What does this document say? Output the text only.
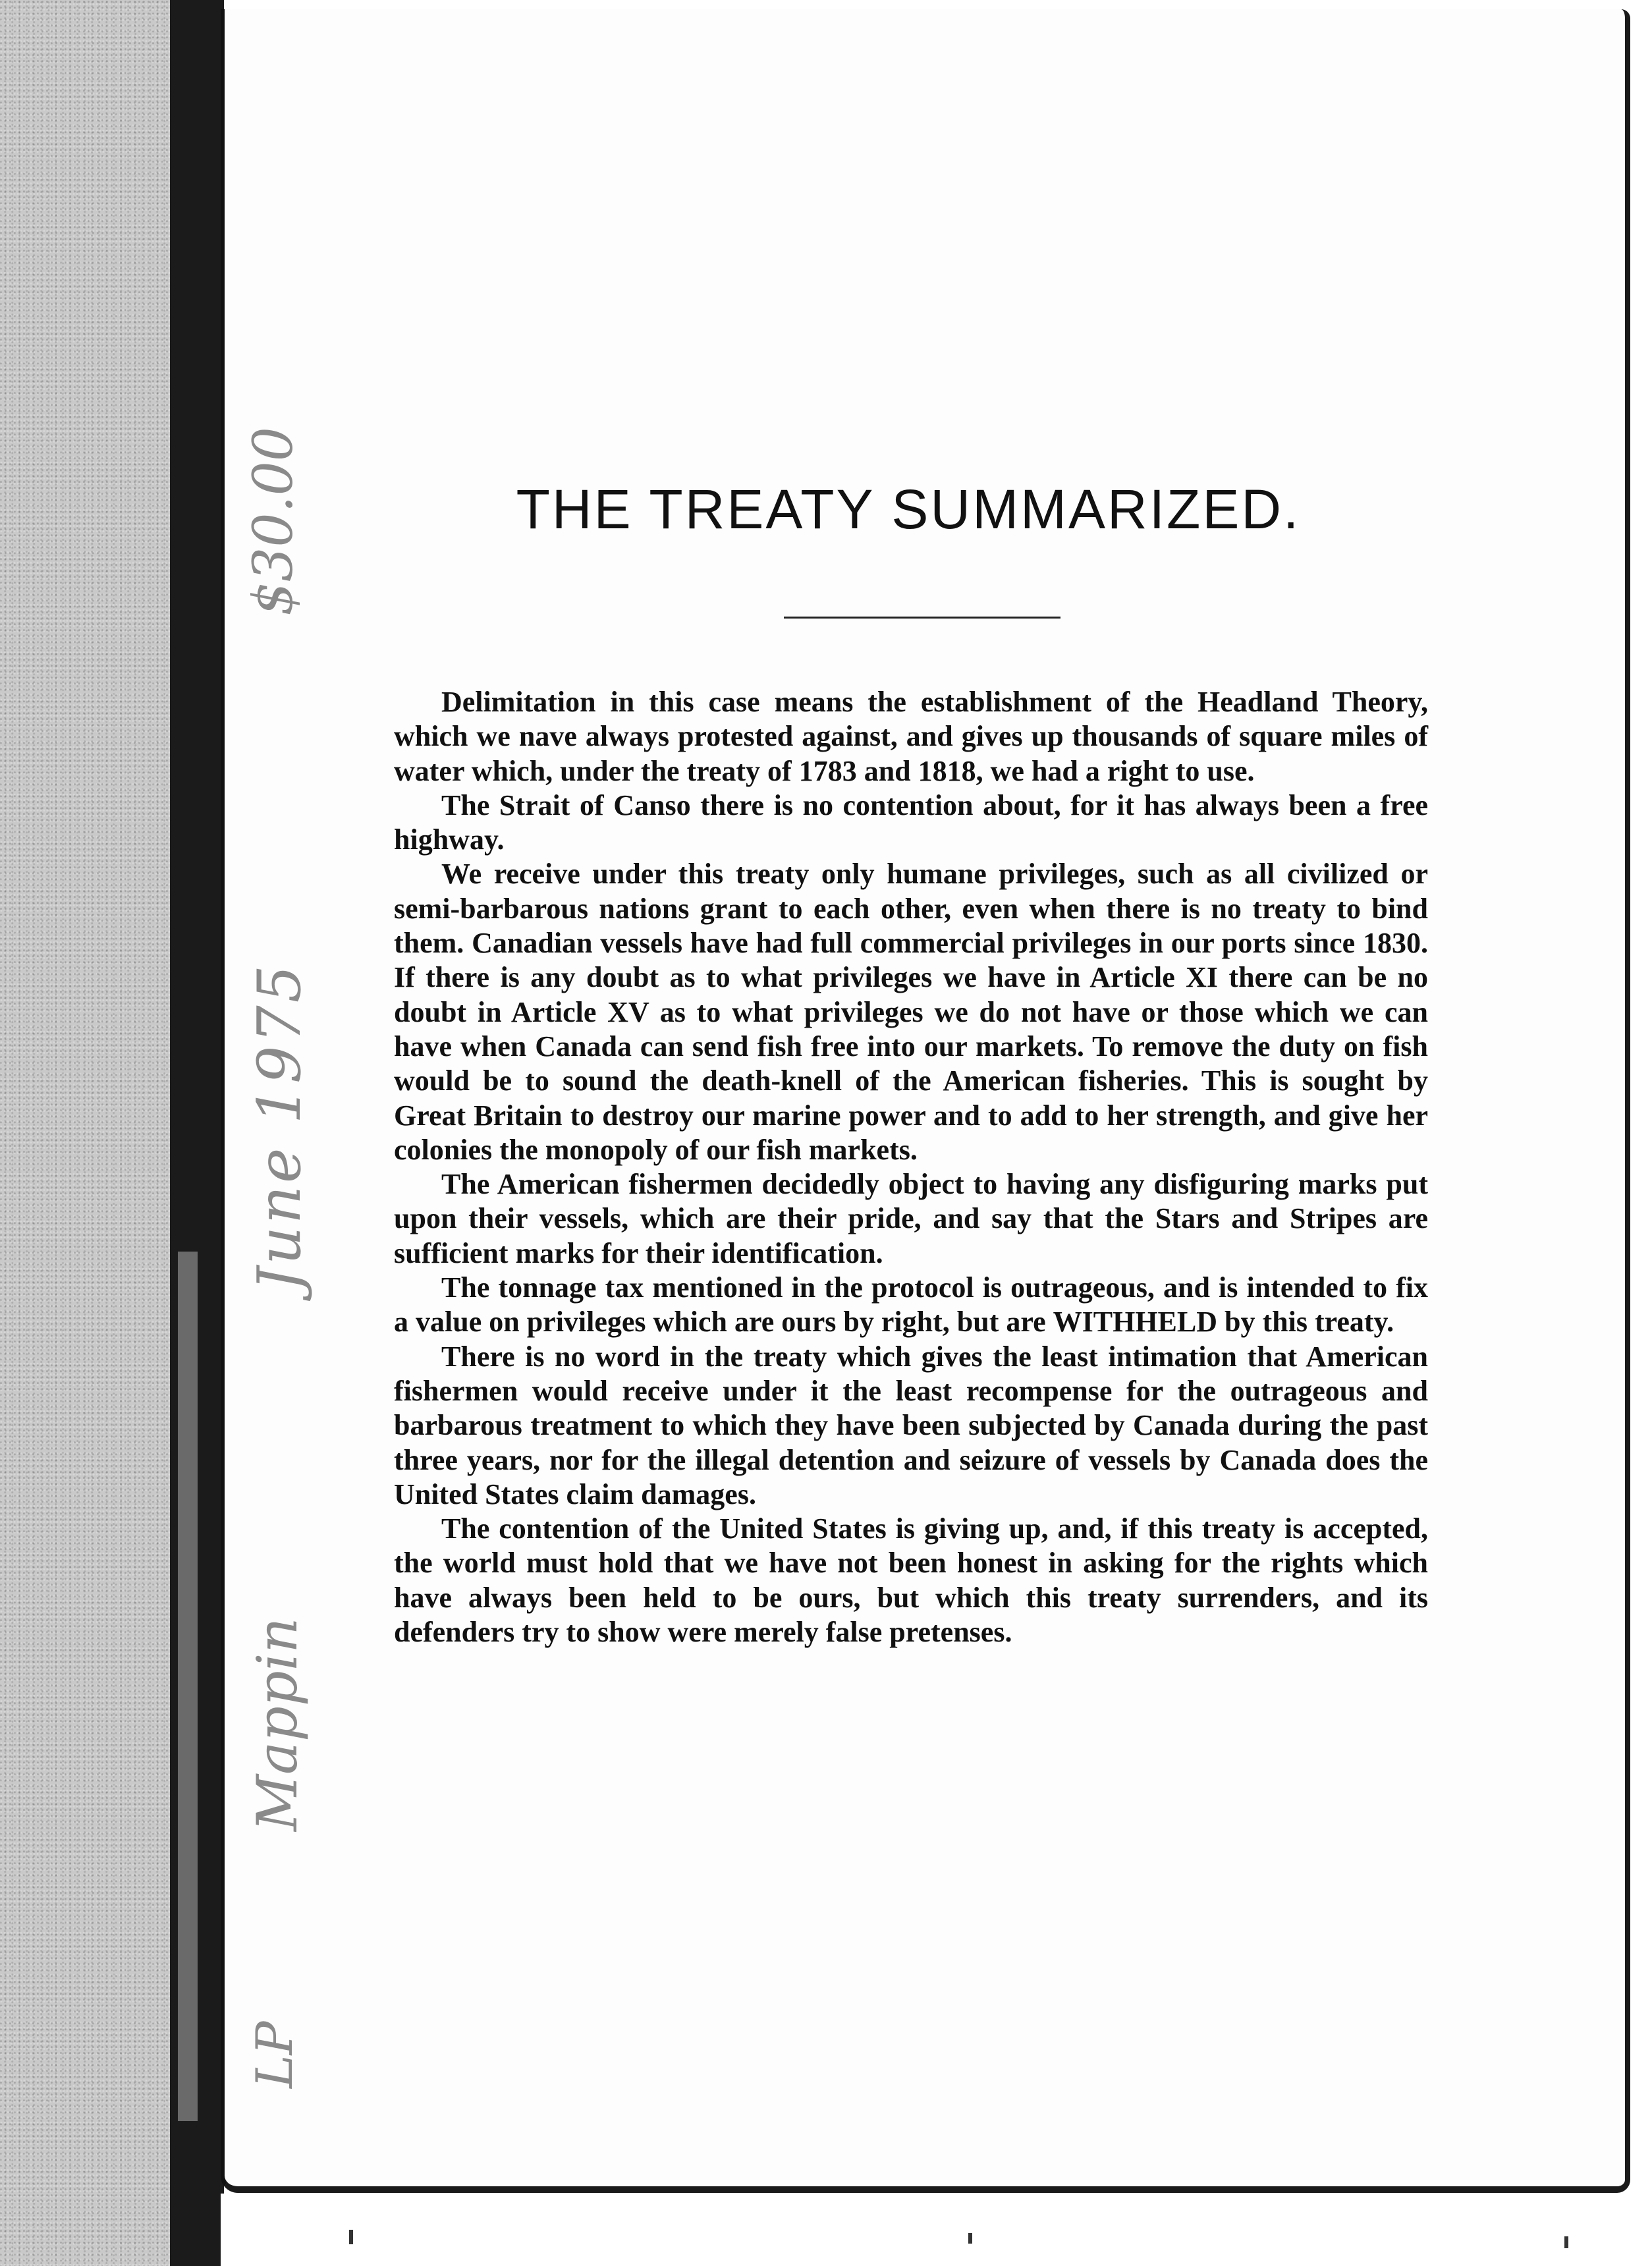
$30.00
June 1975
Mappin
LP
THE TREATY SUMMARIZED.

Delimitation in this case means the establishment of the Headland Theory, which we nave always protested against, and gives up thousands of square miles of water which, under the treaty of 1783 and 1818, we had a right to use.

The Strait of Canso there is no contention about, for it has always been a free highway.

We receive under this treaty only humane privileges, such as all civilized or semi-barbarous nations grant to each other, even when there is no treaty to bind them. Canadian vessels have had full commercial privileges in our ports since 1830. If there is any doubt as to what privileges we have in Article XI there can be no doubt in Article XV as to what privileges we do not have or those which we can have when Canada can send fish free into our markets. To remove the duty on fish would be to sound the death-knell of the American fisheries. This is sought by Great Britain to destroy our marine power and to add to her strength, and give her colonies the monopoly of our fish markets.

The American fishermen decidedly object to having any disfiguring marks put upon their vessels, which are their pride, and say that the Stars and Stripes are sufficient marks for their identification.

The tonnage tax mentioned in the protocol is outrageous, and is intended to fix a value on privileges which are ours by right, but are WITHHELD by this treaty.

There is no word in the treaty which gives the least intimation that American fishermen would receive under it the least recompense for the outrageous and barbarous treatment to which they have been subjected by Canada during the past three years, nor for the illegal detention and seizure of vessels by Canada does the United States claim damages.

The contention of the United States is giving up, and, if this treaty is accepted, the world must hold that we have not been honest in asking for the rights which have always been held to be ours, but which this treaty surrenders, and its defenders try to show were merely false pretenses.
